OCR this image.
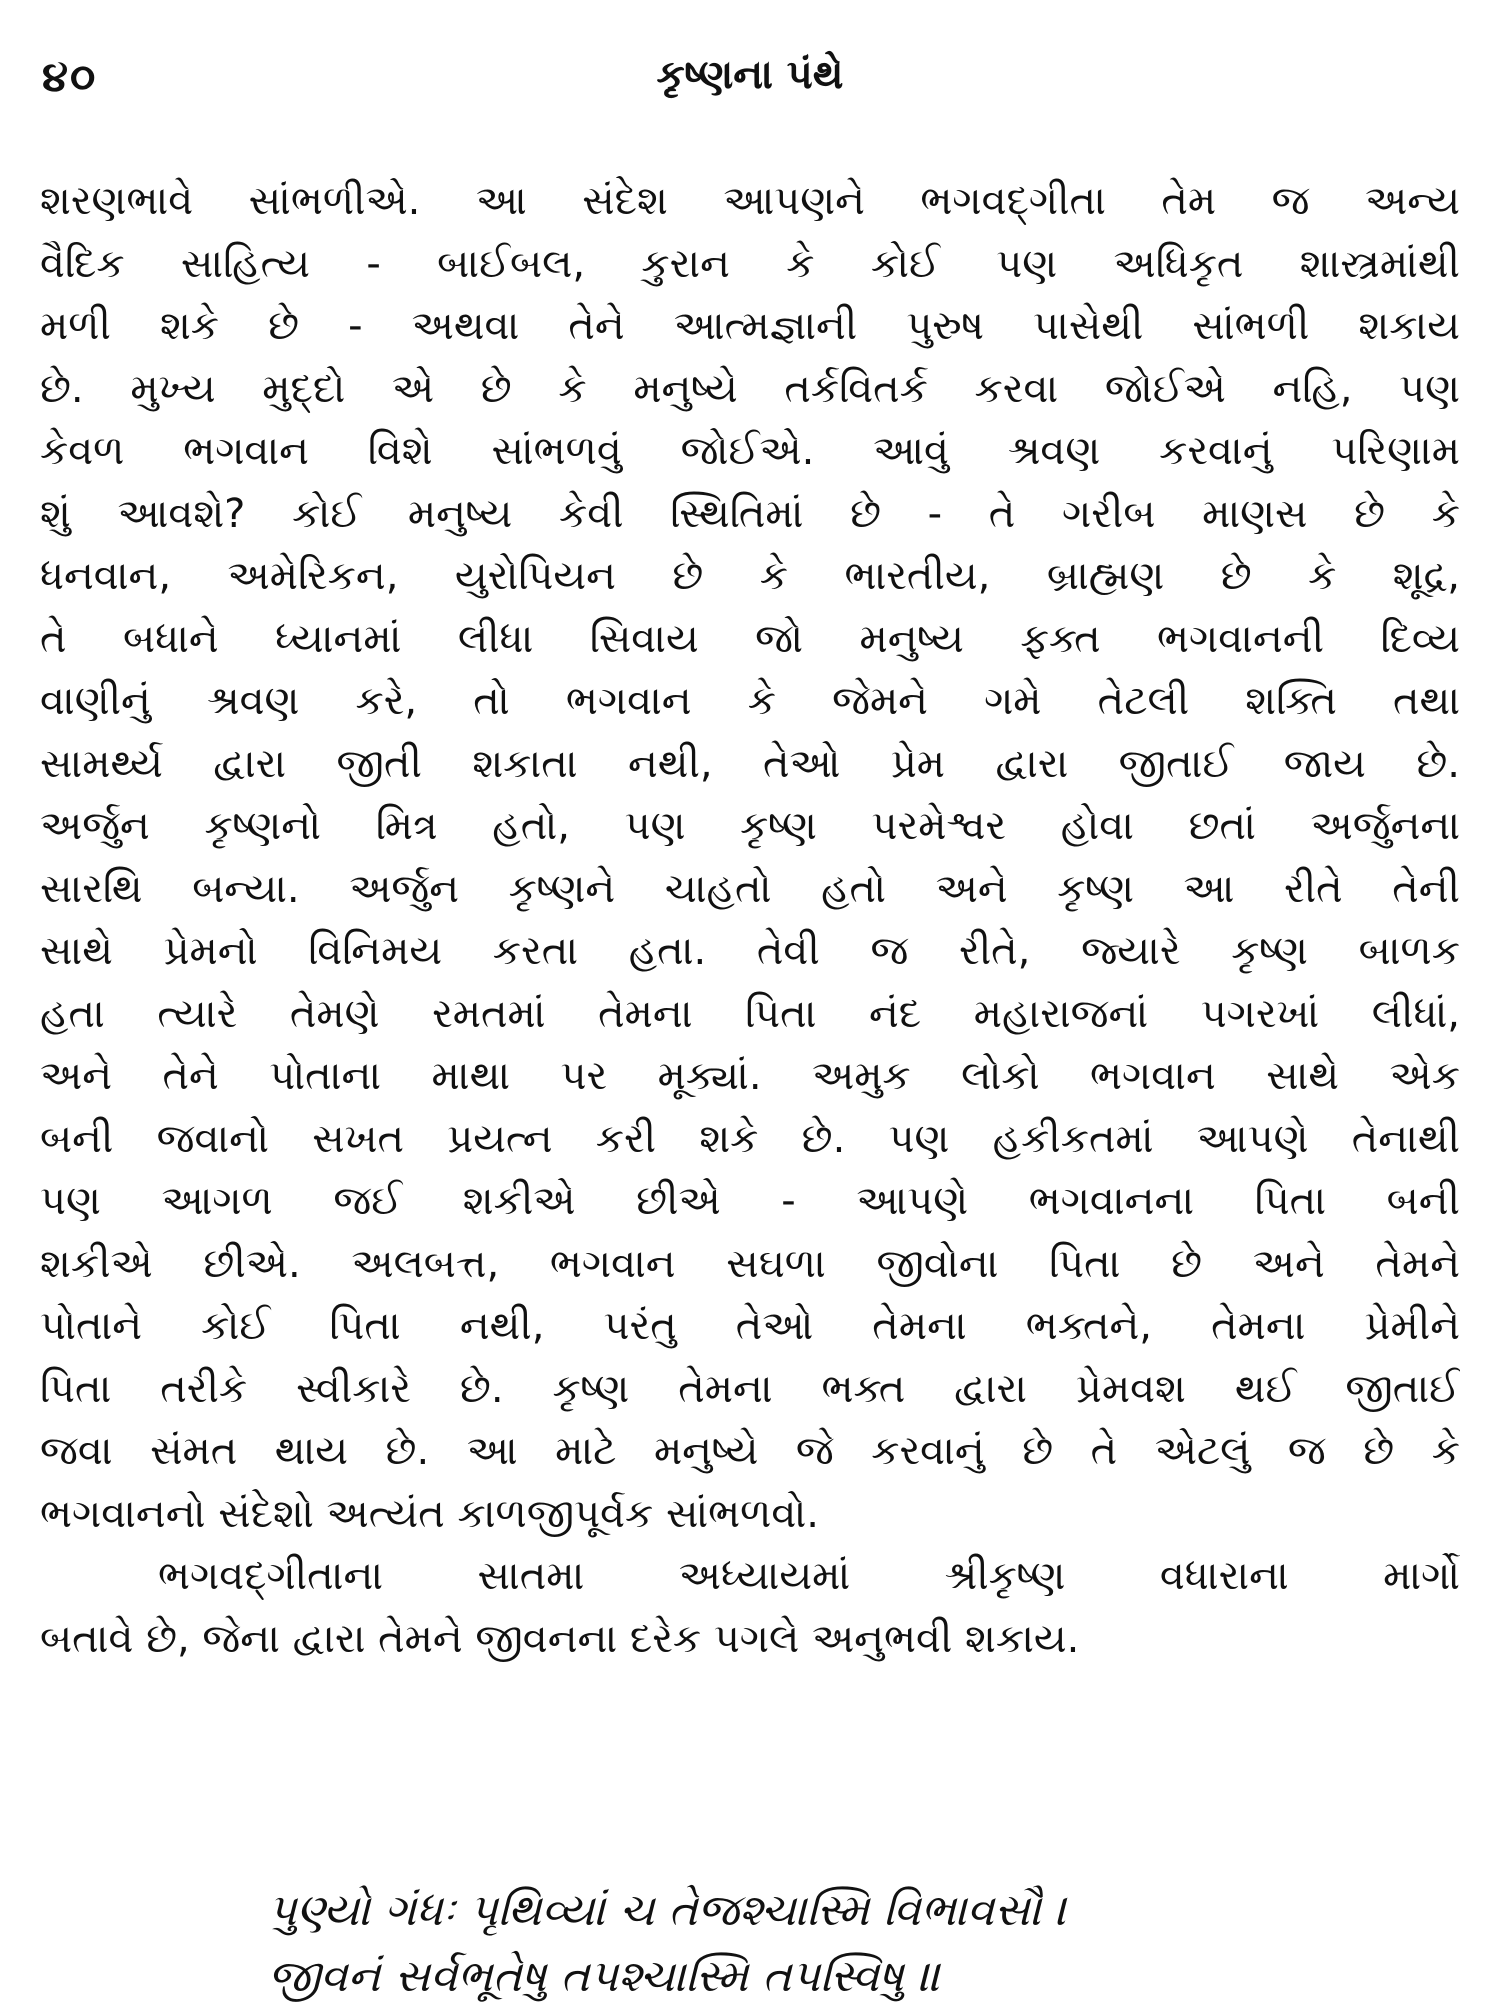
૪૦	કૃષ્ણના પંથે
શરણભાવે સાંભળીએ. આ સંદેશ આપણને ભગવદ્ગીતા તેમ જ અન્ય
વૈદિક સાહિત્ય - બાઈબલ, કુરાન કે કોઈ પણ અધિકૃત શાસ્ત્રમાંથી
મળી શકે છે - અથવા તેને આત્મજ્ઞાની પુરુષ પાસેથી સાંભળી શકાય
છે. મુખ્ય મુદ્દો એ છે કે મનુષ્યે તર્કવિતર્ક કરવા જોઈએ નહિ, પણ
કેવળ ભગવાન વિશે સાંભળવું જોઈએ. આવું શ્રવણ કરવાનું પરિણામ
શું આવશે? કોઈ મનુષ્ય કેવી સ્થિતિમાં છે - તે ગરીબ માણસ છે કે
ધનવાન, અમેરિકન, યુરોપિયન છે કે ભારતીય, બ્રાહ્મણ છે કે શૂદ્ર,
તે બધાને ધ્યાનમાં લીધા સિવાય જો મનુષ્ય ફક્ત ભગવાનની દિવ્ય
વાણીનું શ્રવણ કરે, તો ભગવાન કે જેમને ગમે તેટલી શક્તિ તથા
સામર્થ્ય દ્વારા જીતી શકાતા નથી, તેઓ પ્રેમ દ્વારા જીતાઈ જાય છે.
અર્જુન કૃષ્ણનો મિત્ર હતો, પણ કૃષ્ણ પરમેશ્વર હોવા છતાં અર્જુનના
સારથિ બન્યા. અર્જુન કૃષ્ણને ચાહતો હતો અને કૃષ્ણ આ રીતે તેની
સાથે પ્રેમનો વિનિમય કરતા હતા. તેવી જ રીતે, જ્યારે કૃષ્ણ બાળક
હતા ત્યારે તેમણે રમતમાં તેમના પિતા નંદ મહારાજનાં પગરખાં લીધાં,
અને તેને પોતાના માથા પર મૂક્યાં. અમુક લોકો ભગવાન સાથે એક
બની જવાનો સખત પ્રયત્ન કરી શકે છે. પણ હકીકતમાં આપણે તેનાથી
પણ આગળ જઈ શકીએ છીએ - આપણે ભગવાનના પિતા બની
શકીએ છીએ. અલબત્ત, ભગવાન સઘળા જીવોના પિતા છે અને તેમને
પોતાને કોઈ પિતા નથી, પરંતુ તેઓ તેમના ભક્તને, તેમના પ્રેમીને
પિતા તરીકે સ્વીકારે છે. કૃષ્ણ તેમના ભક્ત દ્વારા પ્રેમવશ થઈ જીતાઈ
જવા સંમત થાય છે. આ માટે મનુષ્યે જે કરવાનું છે તે એટલું જ છે કે
ભગવાનનો સંદેશો અત્યંત કાળજીપૂર્વક સાંભળવો.
ભગવદ્ગીતાના સાતમા અધ્યાયમાં શ્રીકૃષ્ણ વધારાના માર્ગો
બતાવે છે, જેના દ્વારા તેમને જીવનના દરેક પગલે અનુભવી શકાય.
પુણ્યો ગંધઃ પૃથિવ્યાં ચ તેજશ્ચાસ્મિ વિભાવસૌ ।
જીવનં સર્વભૂતેષુ તપશ્ચાસ્મિ તપસ્વિષુ ॥
